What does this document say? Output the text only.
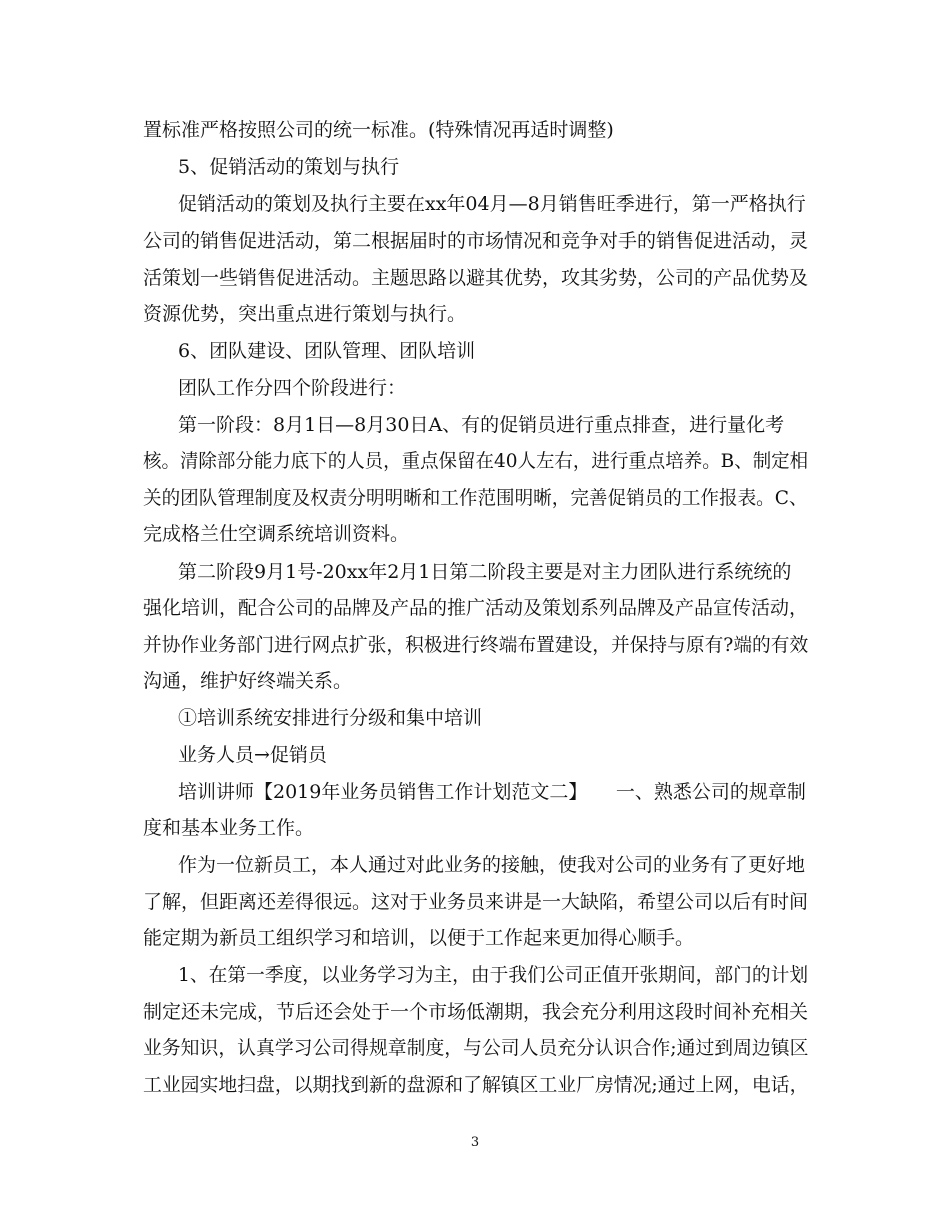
置标准严格按照公司的统一标准。(特殊情况再适时调整)
5、促销活动的策划与执行
促销活动的策划及执行主要在xx年04月—8月销售旺季进行，第一严格执行
公司的销售促进活动，第二根据届时的市场情况和竞争对手的销售促进活动，灵
活策划一些销售促进活动。主题思路以避其优势，攻其劣势，公司的产品优势及
资源优势，突出重点进行策划与执行。
6、团队建设、团队管理、团队培训
团队工作分四个阶段进行：
第一阶段：8月1日—8月30日A、有的促销员进行重点排查，进行量化考
核。清除部分能力底下的人员，重点保留在40人左右，进行重点培养。B、制定相
关的团队管理制度及权责分明明晰和工作范围明晰，完善促销员的工作报表。C、
完成格兰仕空调系统培训资料。
第二阶段9月1号-20xx年2月1日第二阶段主要是对主力团队进行系统统的
强化培训，配合公司的品牌及产品的推广活动及策划系列品牌及产品宣传活动，
并协作业务部门进行网点扩张，积极进行终端布置建设，并保持与原有?端的有效
沟通，维护好终端关系。
①培训系统安排进行分级和集中培训
业务人员→促销员
培训讲师【2019年业务员销售工作计划范文二】　　一、熟悉公司的规章制
度和基本业务工作。
作为一位新员工，本人通过对此业务的接触，使我对公司的业务有了更好地
了解，但距离还差得很远。这对于业务员来讲是一大缺陷，希望公司以后有时间
能定期为新员工组织学习和培训，以便于工作起来更加得心顺手。
1、在第一季度，以业务学习为主，由于我们公司正值开张期间，部门的计划
制定还未完成，节后还会处于一个市场低潮期，我会充分利用这段时间补充相关
业务知识，认真学习公司得规章制度，与公司人员充分认识合作;通过到周边镇区
工业园实地扫盘，以期找到新的盘源和了解镇区工业厂房情况;通过上网，电话，
3
